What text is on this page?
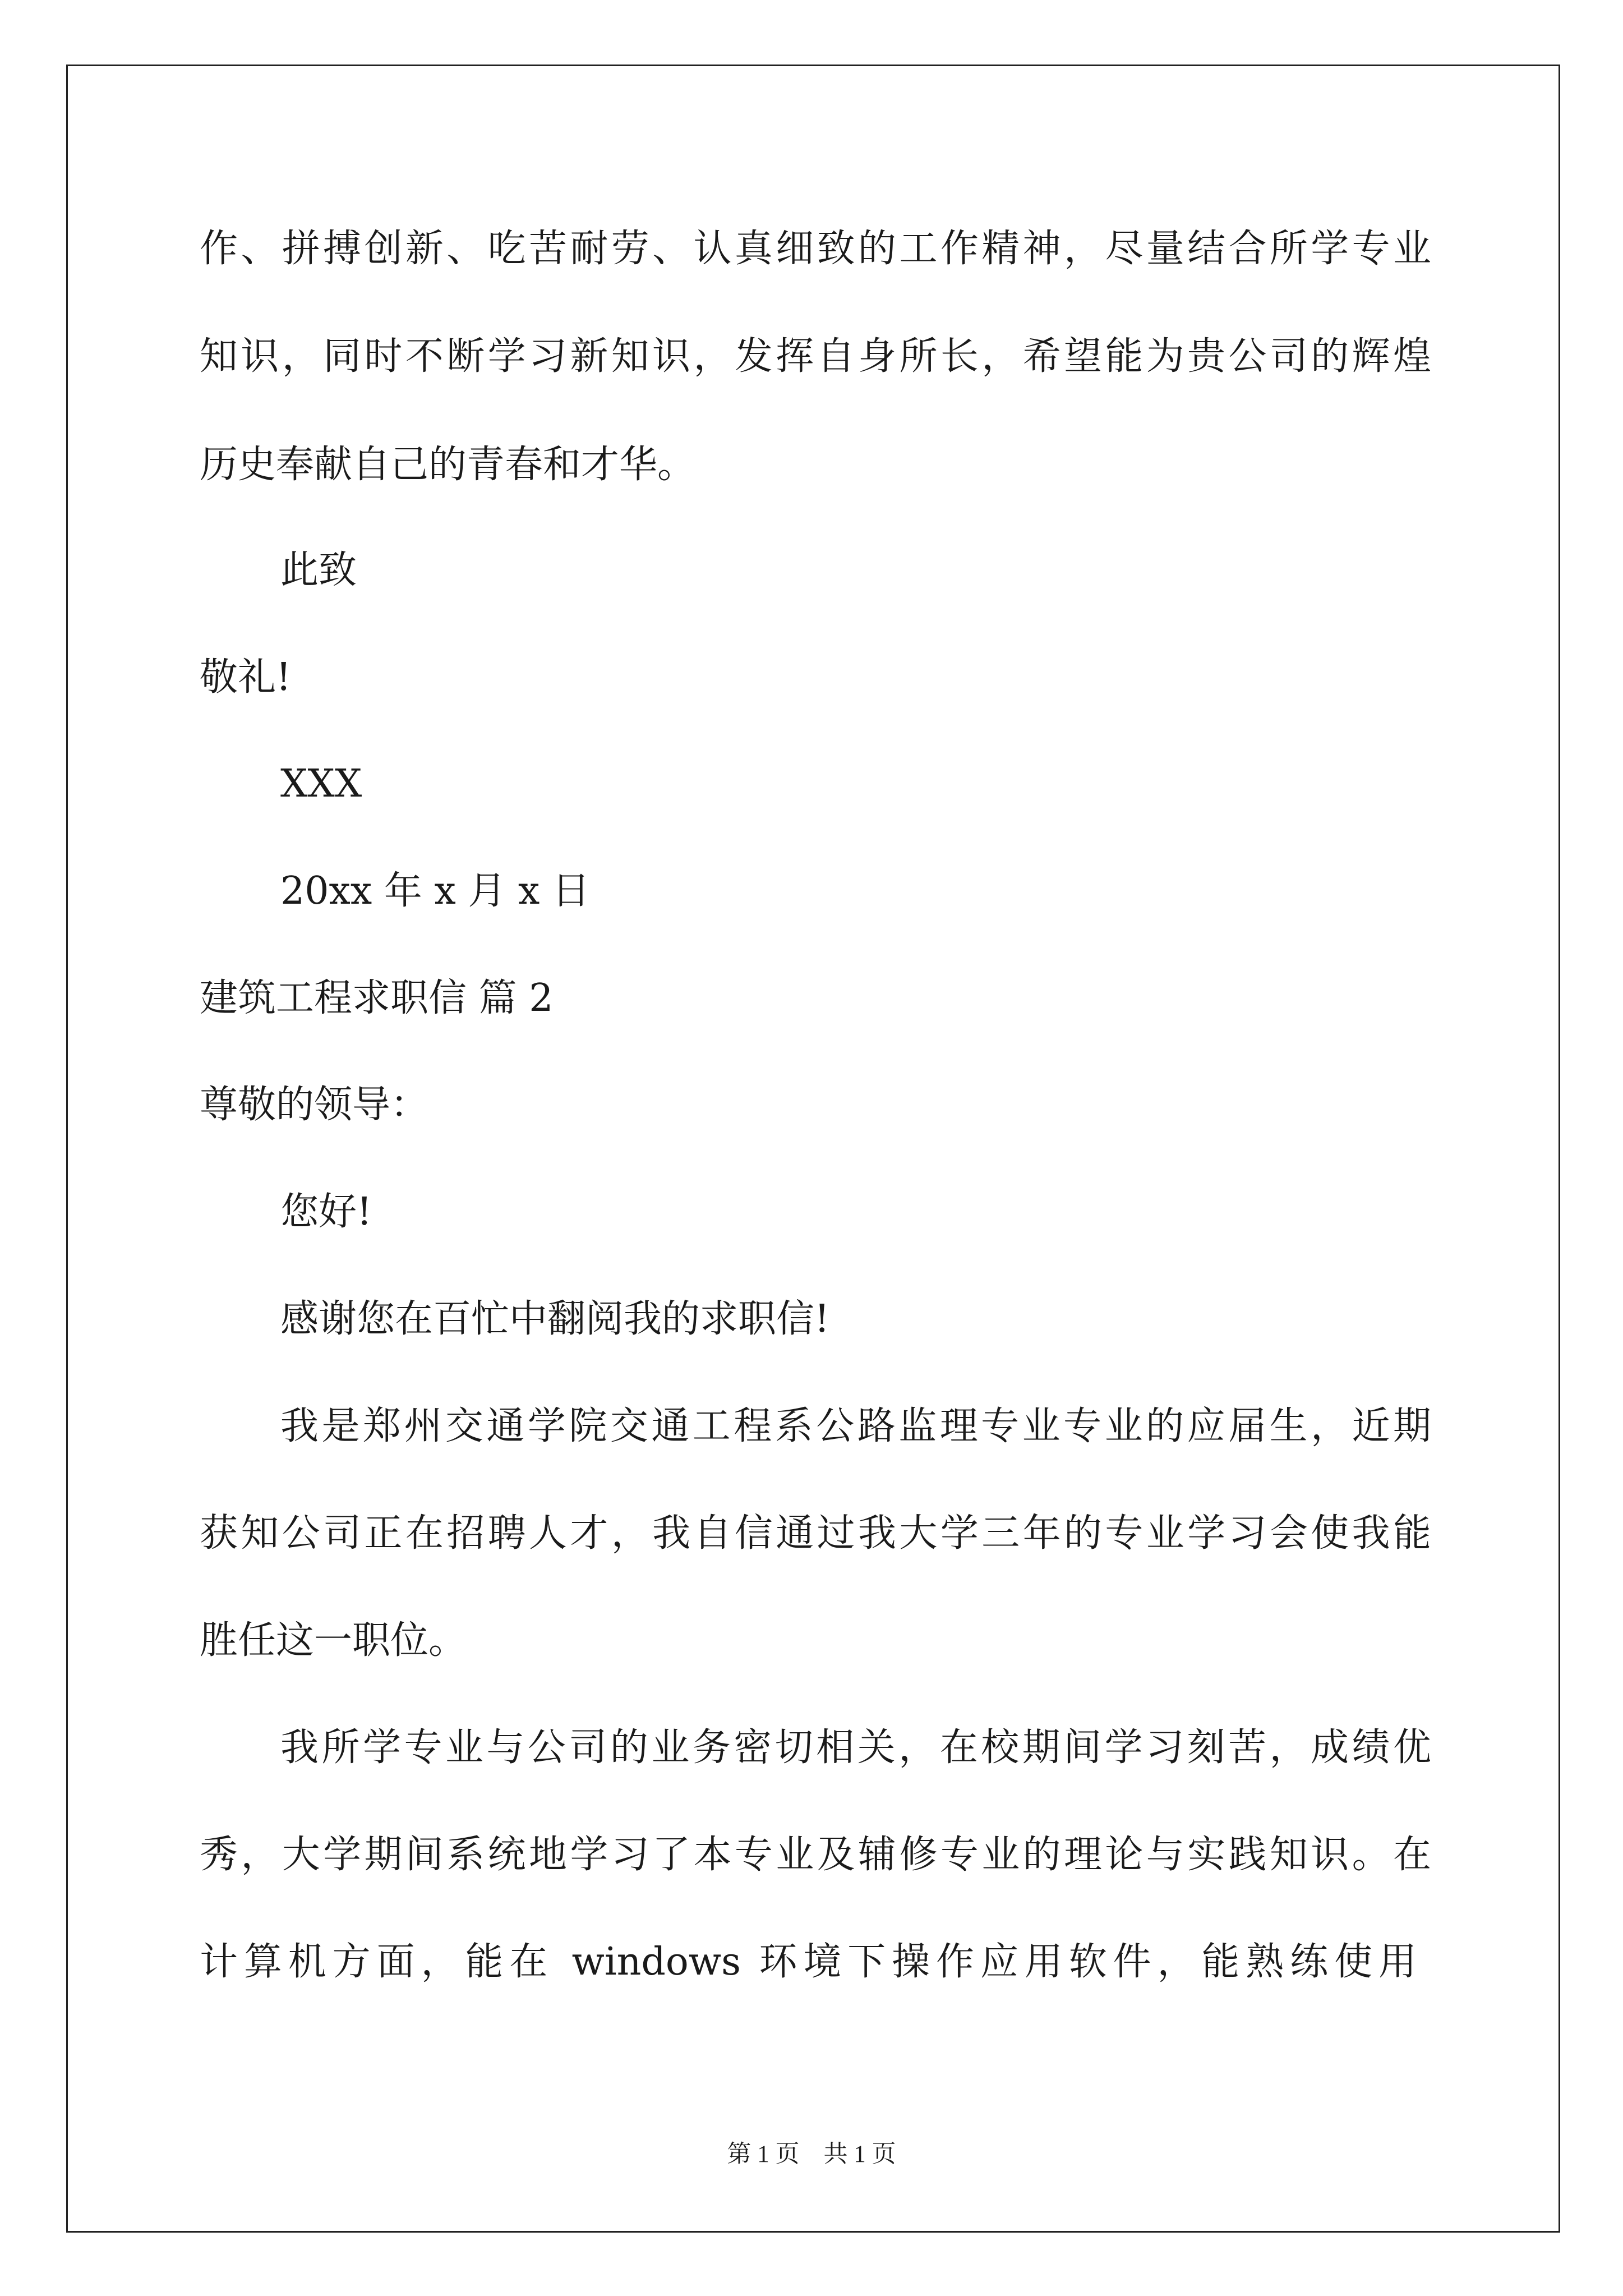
作、拼搏创新、吃苦耐劳、认真细致的工作精神，尽量结合所学专业

知识，同时不断学习新知识，发挥自身所长，希望能为贵公司的辉煌

历史奉献自己的青春和才华。

此致

敬礼!

XXX

20xx 年 x 月 x 日

建筑工程求职信 篇 2

尊敬的领导：

您好!

感谢您在百忙中翻阅我的求职信!

我是郑州交通学院交通工程系公路监理专业专业的应届生，近期

获知公司正在招聘人才，我自信通过我大学三年的专业学习会使我能

胜任这一职位。

我所学专业与公司的业务密切相关，在校期间学习刻苦，成绩优

秀，大学期间系统地学习了本专业及辅修专业的理论与实践知识。在

计算机方面，能在 windows 环境下操作应用软件，能熟练使用

第 1 页　共 1 页
